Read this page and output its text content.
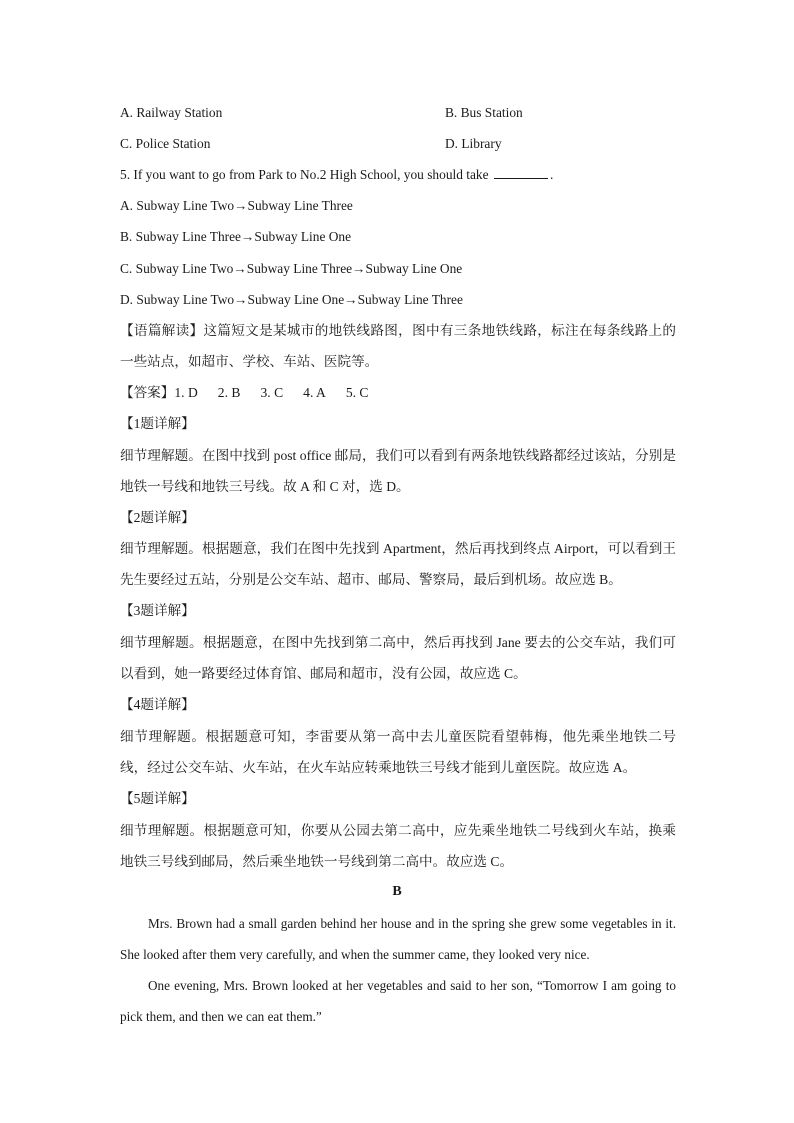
A. Railway Station	B. Bus Station
C. Police Station	D. Library
5. If you want to go from Park to No.2 High School, you should take	.
A. Subway Line Two→Subway Line Three
B. Subway Line Three→Subway Line One
C. Subway Line Two→Subway Line Three→Subway Line One
D. Subway Line Two→Subway Line One→Subway Line Three
【语篇解读】这篇短文是某城市的地铁线路图，图中有三条地铁线路，标注在每条线路上的一些站点，如超市、学校、车站、医院等。
【答案】1. D 2. B 3. C 4. A 5. C
【1题详解】
细节理解题。在图中找到 post office 邮局，我们可以看到有两条地铁线路都经过该站，分别是地铁一号线和地铁三号线。故 A 和 C 对，选 D。
【2题详解】
细节理解题。根据题意，我们在图中先找到 Apartment，然后再找到终点 Airport，可以看到王先生要经过五站，分别是公交车站、超市、邮局、警察局，最后到机场。故应选 B。
【3题详解】
细节理解题。根据题意，在图中先找到第二高中，然后再找到 Jane 要去的公交车站，我们可以看到，她一路要经过体育馆、邮局和超市，没有公园，故应选 C。
【4题详解】
细节理解题。根据题意可知，李雷要从第一高中去儿童医院看望韩梅，他先乘坐地铁二号线，经过公交车站、火车站，在火车站应转乘地铁三号线才能到儿童医院。故应选 A。
【5题详解】
细节理解题。根据题意可知，你要从公园去第二高中，应先乘坐地铁二号线到火车站，换乘地铁三号线到邮局，然后乘坐地铁一号线到第二高中。故应选 C。
B
Mrs. Brown had a small garden behind her house and in the spring she grew some vegetables in it. She looked after them very carefully, and when the summer came, they looked very nice.
One evening, Mrs. Brown looked at her vegetables and said to her son, “Tomorrow I am going to pick them, and then we can eat them.”
